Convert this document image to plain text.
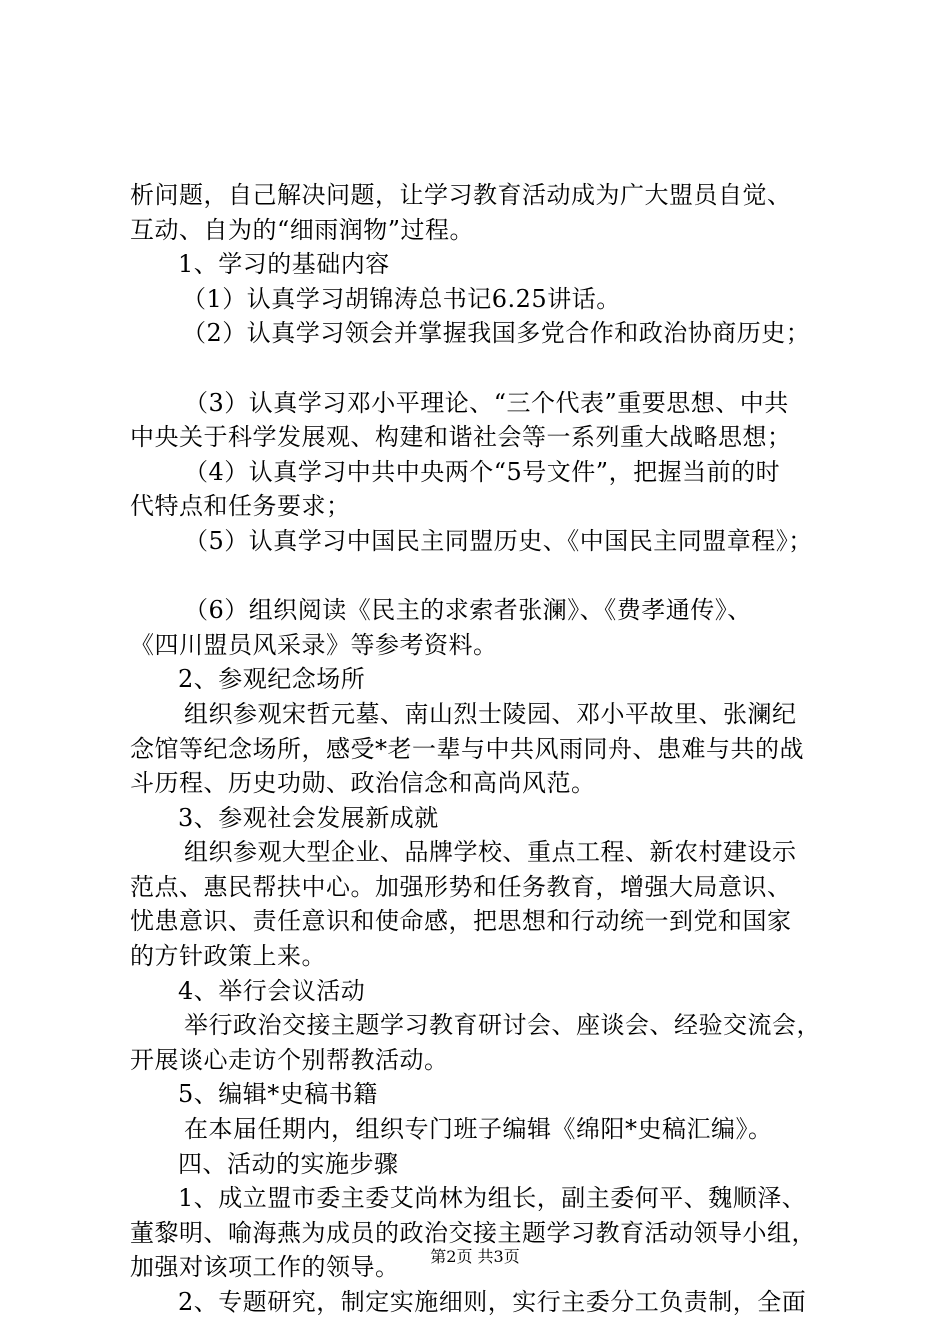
析问题，自己解决问题，让学习教育活动成为广大盟员自觉、
互动、自为的“细雨润物”过程。
1、学习的基础内容
（1）认真学习胡锦涛总书记6.25讲话。
（2）认真学习领会并掌握我国多党合作和政治协商历史；
（3）认真学习邓小平理论、“三个代表”重要思想、中共
中央关于科学发展观、构建和谐社会等一系列重大战略思想；
（4）认真学习中共中央两个“5号文件”，把握当前的时
代特点和任务要求；
（5）认真学习中国民主同盟历史、《中国民主同盟章程》；
（6）组织阅读《民主的求索者张澜》、《费孝通传》、
《四川盟员风采录》等参考资料。
2、参观纪念场所
组织参观宋哲元墓、南山烈士陵园、邓小平故里、张澜纪
念馆等纪念场所，感受*老一辈与中共风雨同舟、患难与共的战
斗历程、历史功勋、政治信念和高尚风范。
3、参观社会发展新成就
组织参观大型企业、品牌学校、重点工程、新农村建设示
范点、惠民帮扶中心。加强形势和任务教育，增强大局意识、
忧患意识、责任意识和使命感，把思想和行动统一到党和国家
的方针政策上来。
4、举行会议活动
举行政治交接主题学习教育研讨会、座谈会、经验交流会，
开展谈心走访个别帮教活动。
5、编辑*史稿书籍
在本届任期内，组织专门班子编辑《绵阳*史稿汇编》。
四、活动的实施步骤
1、成立盟市委主委艾尚林为组长，副主委何平、魏顺泽、
董黎明、喻海燕为成员的政治交接主题学习教育活动领导小组，
加强对该项工作的领导。
2、专题研究，制定实施细则，实行主委分工负责制，全面
第2页 共3页
